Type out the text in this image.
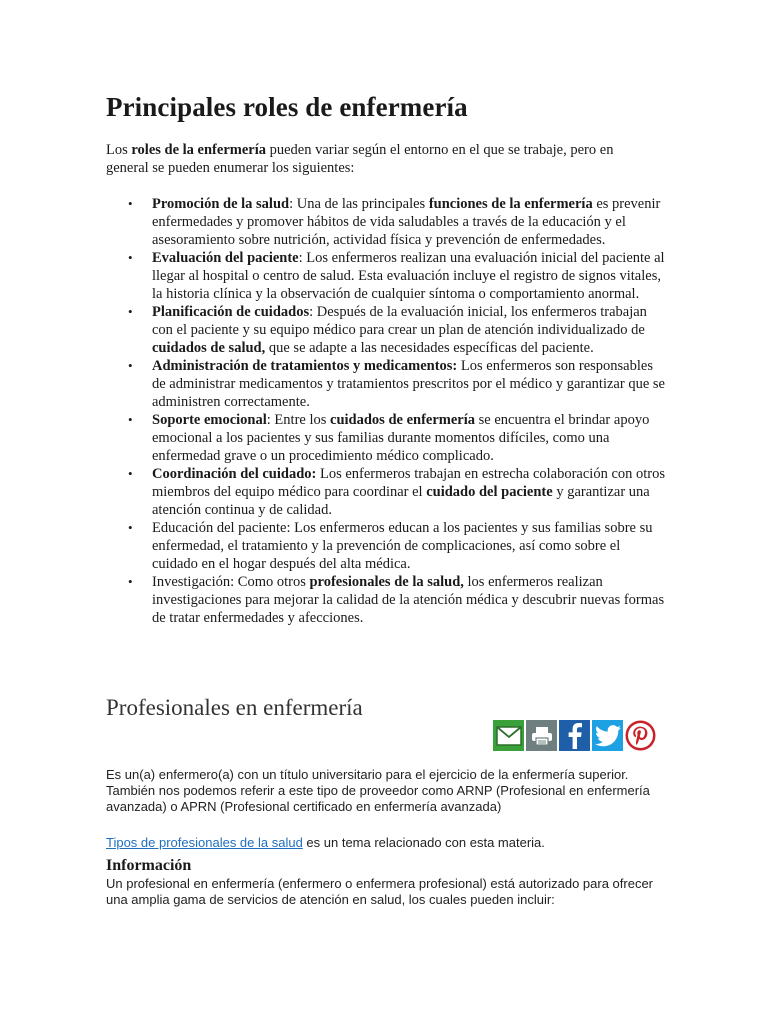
Principales roles de enfermería

Los roles de la enfermería pueden variar según el entorno en el que se trabaje, pero en general se pueden enumerar los siguientes:

• Promoción de la salud: Una de las principales funciones de la enfermería es prevenir enfermedades y promover hábitos de vida saludables a través de la educación y el asesoramiento sobre nutrición, actividad física y prevención de enfermedades.
• Evaluación del paciente: Los enfermeros realizan una evaluación inicial del paciente al llegar al hospital o centro de salud. Esta evaluación incluye el registro de signos vitales, la historia clínica y la observación de cualquier síntoma o comportamiento anormal.
• Planificación de cuidados: Después de la evaluación inicial, los enfermeros trabajan con el paciente y su equipo médico para crear un plan de atención individualizado de cuidados de salud, que se adapte a las necesidades específicas del paciente.
• Administración de tratamientos y medicamentos: Los enfermeros son responsables de administrar medicamentos y tratamientos prescritos por el médico y garantizar que se administren correctamente.
• Soporte emocional: Entre los cuidados de enfermería se encuentra el brindar apoyo emocional a los pacientes y sus familias durante momentos difíciles, como una enfermedad grave o un procedimiento médico complicado.
• Coordinación del cuidado: Los enfermeros trabajan en estrecha colaboración con otros miembros del equipo médico para coordinar el cuidado del paciente y garantizar una atención continua y de calidad.
• Educación del paciente: Los enfermeros educan a los pacientes y sus familias sobre su enfermedad, el tratamiento y la prevención de complicaciones, así como sobre el cuidado en el hogar después del alta médica.
• Investigación: Como otros profesionales de la salud, los enfermeros realizan investigaciones para mejorar la calidad de la atención médica y descubrir nuevas formas de tratar enfermedades y afecciones.
Profesionales en enfermería

Es un(a) enfermero(a) con un título universitario para el ejercicio de la enfermería superior. También nos podemos referir a este tipo de proveedor como ARNP (Profesional en enfermería avanzada) o APRN (Profesional certificado en enfermería avanzada)

Tipos de profesionales de la salud es un tema relacionado con esta materia.

Información

Un profesional en enfermería (enfermero o enfermera profesional) está autorizado para ofrecer una amplia gama de servicios de atención en salud, los cuales pueden incluir:
